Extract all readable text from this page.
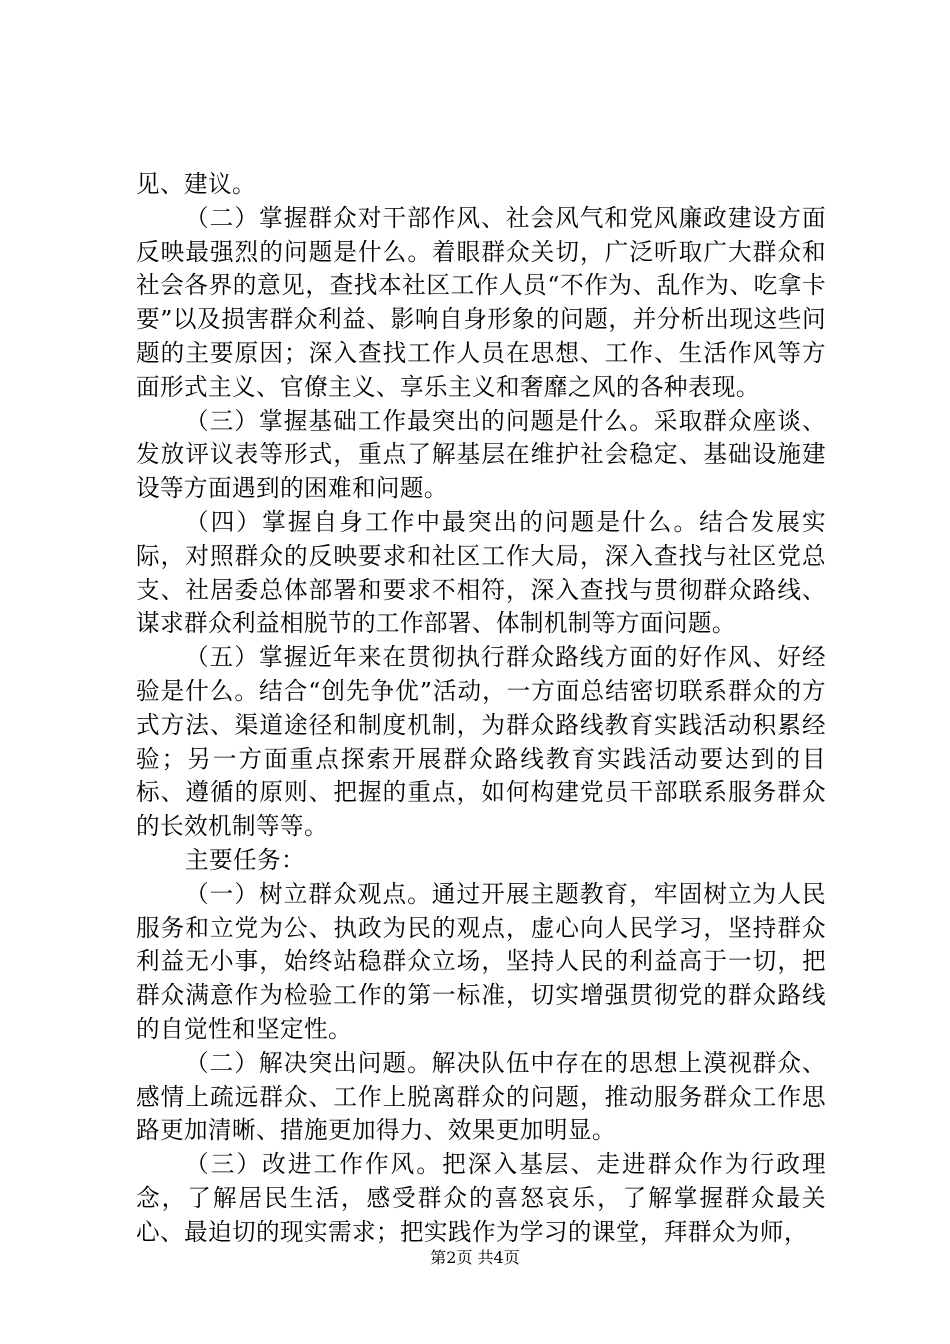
见、建议。

（二）掌握群众对干部作风、社会风气和党风廉政建设方面反映最强烈的问题是什么。着眼群众关切，广泛听取广大群众和社会各界的意见，查找本社区工作人员“不作为、乱作为、吃拿卡要”以及损害群众利益、影响自身形象的问题，并分析出现这些问题的主要原因；深入查找工作人员在思想、工作、生活作风等方面形式主义、官僚主义、享乐主义和奢靡之风的各种表现。

（三）掌握基础工作最突出的问题是什么。采取群众座谈、发放评议表等形式，重点了解基层在维护社会稳定、基础设施建设等方面遇到的困难和问题。

（四）掌握自身工作中最突出的问题是什么。结合发展实际，对照群众的反映要求和社区工作大局，深入查找与社区党总支、社居委总体部署和要求不相符，深入查找与贯彻群众路线、谋求群众利益相脱节的工作部署、体制机制等方面问题。

（五）掌握近年来在贯彻执行群众路线方面的好作风、好经验是什么。结合“创先争优”活动，一方面总结密切联系群众的方式方法、渠道途径和制度机制，为群众路线教育实践活动积累经验；另一方面重点探索开展群众路线教育实践活动要达到的目标、遵循的原则、把握的重点，如何构建党员干部联系服务群众的长效机制等等。

主要任务：

（一）树立群众观点。通过开展主题教育，牢固树立为人民服务和立党为公、执政为民的观点，虚心向人民学习，坚持群众利益无小事，始终站稳群众立场，坚持人民的利益高于一切，把群众满意作为检验工作的第一标准，切实增强贯彻党的群众路线的自觉性和坚定性。

（二）解决突出问题。解决队伍中存在的思想上漠视群众、感情上疏远群众、工作上脱离群众的问题，推动服务群众工作思路更加清晰、措施更加得力、效果更加明显。

（三）改进工作作风。把深入基层、走进群众作为行政理念，了解居民生活，感受群众的喜怒哀乐，了解掌握群众最关心、最迫切的现实需求；把实践作为学习的课堂，拜群众为师，

第2页 共4页
